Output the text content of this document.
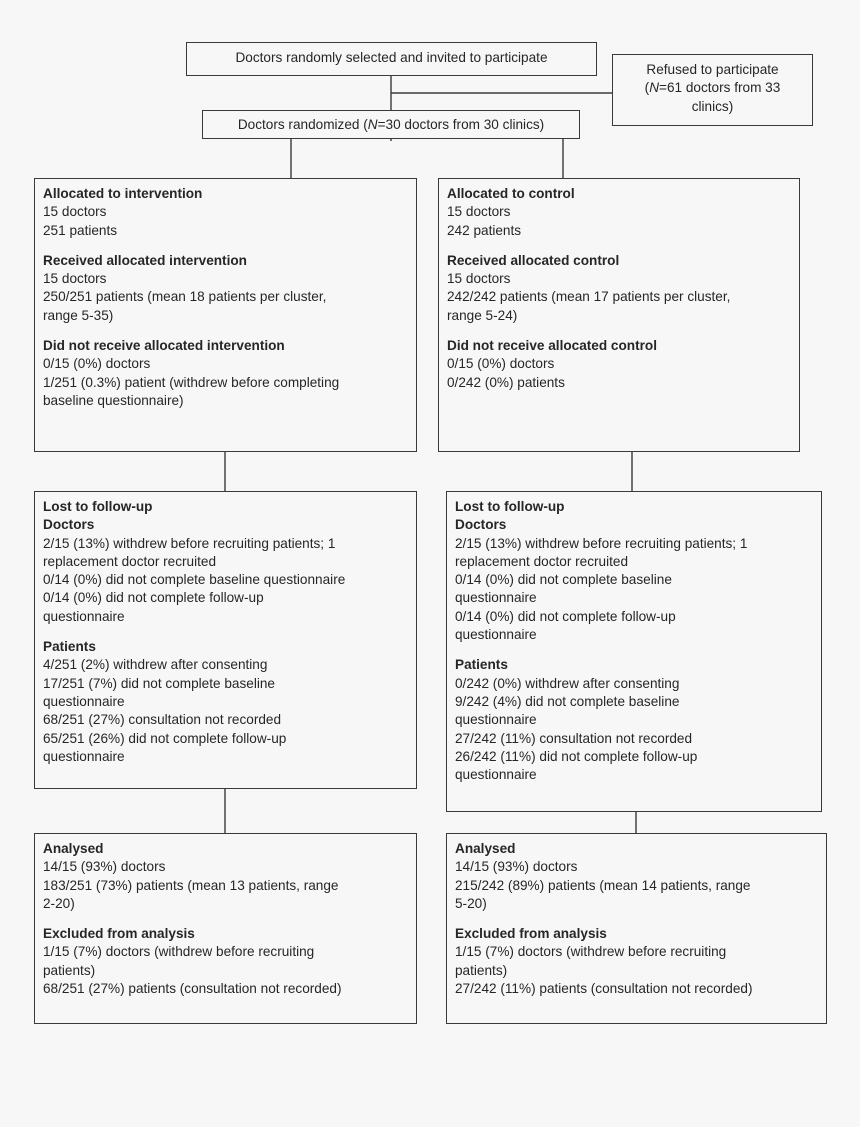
Doctors randomly selected and invited to participate
Refused to participate
(N=61 doctors from 33
clinics)
Doctors randomized (N=30 doctors from 30 clinics)
Allocated to intervention
15 doctors
251 patients
Received allocated intervention
15 doctors
250/251 patients (mean 18 patients per cluster,
range 5-35)
Did not receive allocated intervention
0/15 (0%) doctors
1/251 (0.3%) patient (withdrew before completing
baseline questionnaire)
Allocated to control
15 doctors
242 patients
Received allocated control
15 doctors
242/242 patients (mean 17 patients per cluster,
range 5-24)
Did not receive allocated control
0/15 (0%) doctors
0/242 (0%) patients
Lost to follow-up
Doctors
2/15 (13%) withdrew before recruiting patients; 1
replacement doctor recruited
0/14 (0%) did not complete baseline questionnaire
0/14 (0%) did not complete follow-up
questionnaire
Patients
4/251 (2%) withdrew after consenting
17/251 (7%) did not complete baseline
questionnaire
68/251 (27%) consultation not recorded
65/251 (26%) did not complete follow-up
questionnaire
Lost to follow-up
Doctors
2/15 (13%) withdrew before recruiting patients; 1
replacement doctor recruited
0/14 (0%) did not complete baseline
questionnaire
0/14 (0%) did not complete follow-up
questionnaire
Patients
0/242 (0%) withdrew after consenting
9/242 (4%) did not complete baseline
questionnaire
27/242 (11%) consultation not recorded
26/242 (11%) did not complete follow-up
questionnaire
Analysed
14/15 (93%) doctors
183/251 (73%) patients (mean 13 patients, range
2-20)
Excluded from analysis
1/15 (7%) doctors (withdrew before recruiting
patients)
68/251 (27%) patients (consultation not recorded)
Analysed
14/15 (93%) doctors
215/242 (89%) patients (mean 14 patients, range
5-20)
Excluded from analysis
1/15 (7%) doctors (withdrew before recruiting
patients)
27/242 (11%) patients (consultation not recorded)
